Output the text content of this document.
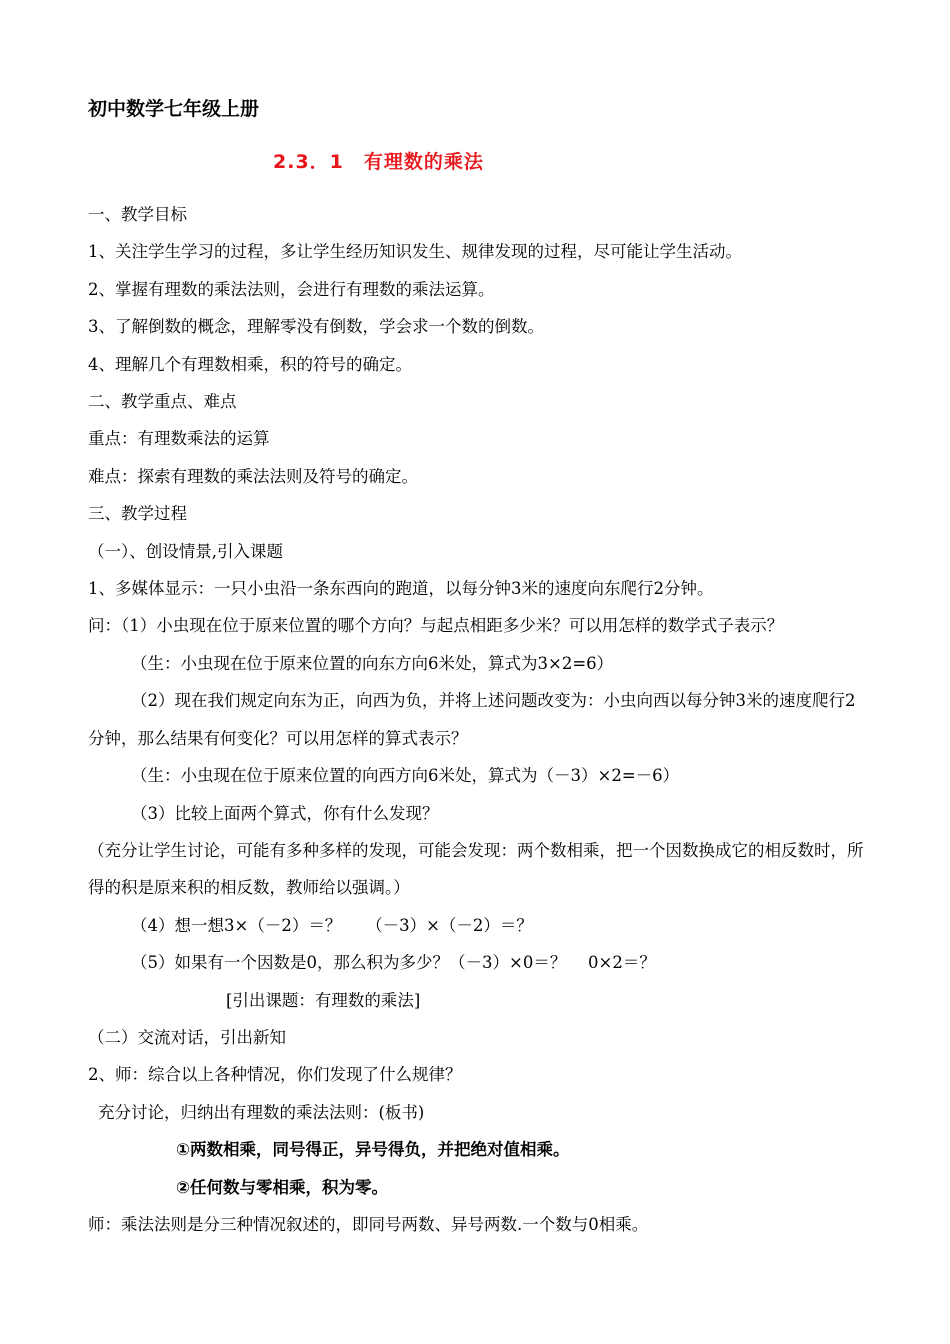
初中数学七年级上册
2.3．1　有理数的乘法
一、教学目标
1、关注学生学习的过程，多让学生经历知识发生、规律发现的过程，尽可能让学生活动。
2、掌握有理数的乘法法则，会进行有理数的乘法运算。
3、了解倒数的概念，理解零没有倒数，学会求一个数的倒数。
4、理解几个有理数相乘，积的符号的确定。
二、教学重点、难点
重点：有理数乘法的运算
难点：探索有理数的乘法法则及符号的确定。
三、教学过程
（一）、创设情景,引入课题
1、多媒体显示：一只小虫沿一条东西向的跑道，以每分钟3米的速度向东爬行2分钟。
问：（1）小虫现在位于原来位置的哪个方向？与起点相距多少米？可以用怎样的数学式子表示？
（生：小虫现在位于原来位置的向东方向6米处，算式为3×2=6）
（2）现在我们规定向东为正，向西为负，并将上述问题改变为：小虫向西以每分钟3米的速度爬行2分钟，那么结果有何变化？可以用怎样的算式表示？
（生：小虫现在位于原来位置的向西方向6米处，算式为（－3）×2=－6）
（3）比较上面两个算式，你有什么发现？
（充分让学生讨论，可能有多种多样的发现，可能会发现：两个数相乘，把一个因数换成它的相反数时，所得的积是原来积的相反数，教师给以强调。）
（4）想一想3×（－2）＝？　　（－3）×（－2）＝？
（5）如果有一个因数是0，那么积为多少？（－3）×0＝？　 0×2＝？
[引出课题：有理数的乘法]
（二）交流对话，引出新知
2、师：综合以上各种情况，你们发现了什么规律？
充分讨论，归纳出有理数的乘法法则：(板书)
①两数相乘，同号得正，异号得负，并把绝对值相乘。
②任何数与零相乘，积为零。
师：乘法法则是分三种情况叙述的，即同号两数、异号两数.一个数与0相乘。
